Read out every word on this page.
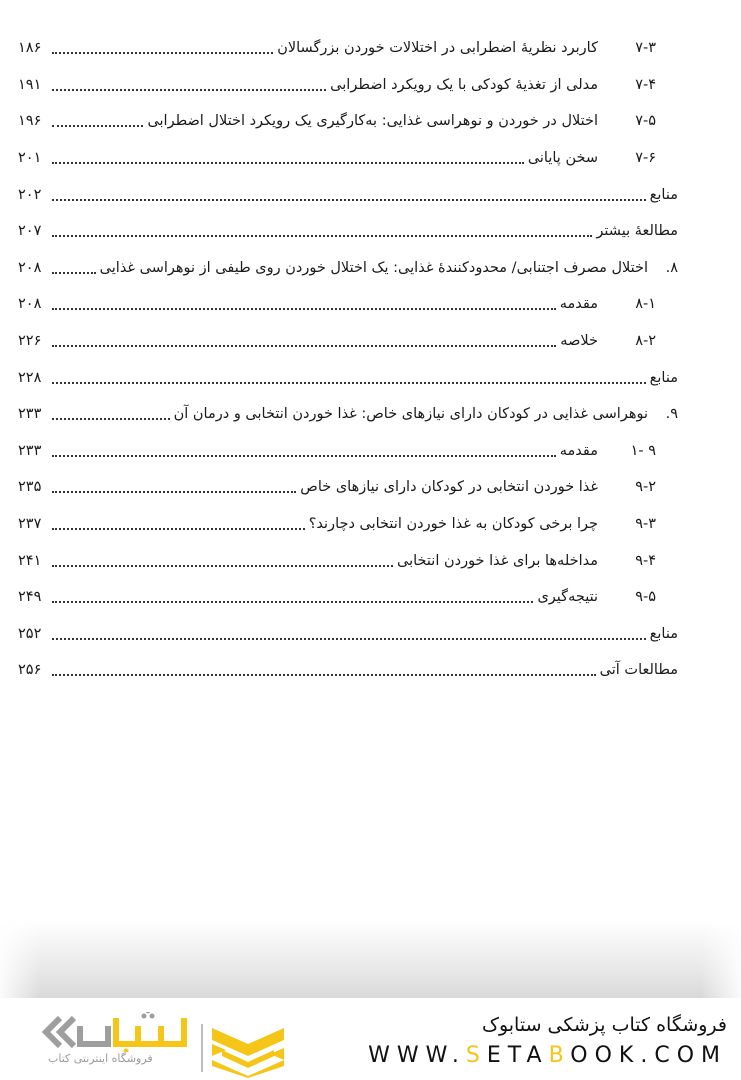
۷-۳
کاربرد نظریۀ اضطرابی در اختلالات خوردن بزرگسالان
۱۸۶
۷-۴
مدلی از تغذیۀ کودکی با یک رویکرد اضطرابی
۱۹۱
۷-۵
اختلال در خوردن و نوهراسی غذایی: به‌کارگیری یک رویکرد اختلال اضطرابی
۱۹۶
۷-۶
سخن پایانی
۲۰۱
منابع
۲۰۲
مطالعۀ بیشتر
۲۰۷
۸.
اختلال مصرف اجتنابی/ محدودکنندۀ غذایی: یک اختلال خوردن روی طیفی از نوهراسی غذایی
۲۰۸
۸-۱
مقدمه
۲۰۸
۸-۲
خلاصه
۲۲۶
منابع
۲۲۸
۹.
نوهراسی غذایی در کودکان دارای نیازهای خاص: غذا خوردن انتخابی و درمان آن
۲۳۳
۹ -۱
مقدمه
۲۳۳
۹-۲
غذا خوردن انتخابی در کودکان دارای نیازهای خاص
۲۳۵
۹-۳
چرا برخی کودکان به غذا خوردن انتخابی دچارند؟
۲۳۷
۹-۴
مداخله‌ها برای غذا خوردن انتخابی
۲۴۱
۹-۵
نتیجه‌گیری
۲۴۹
منابع
۲۵۲
مطالعات آتی
۲۵۶
فروشگاه اینترنتی کتاب
فروشگاه کتاب پزشکی ستابوک
WWW.SETABOOK.COM
